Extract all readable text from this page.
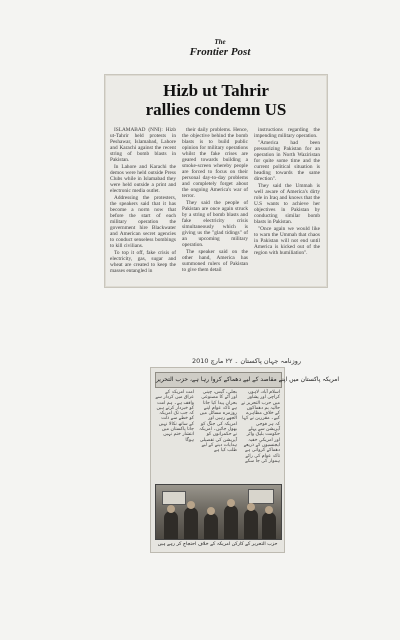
The
Frontier Post
Hizb ut Tahrir
rallies condemn US

ISLAMABAD (NNI): Hizb ut-Tahrir held protests in Peshawar, Islamabad, Lahore and Karachi against the recent string of bomb blasts in Pakistan.

In Lahore and Karachi the demos were held outside Press Clubs while in Islamabad they were held outside a print and electronic media outlet.

Addressing the protesters, the speakers said that it has become a norm now that before the start of each military operation the government hire Blackwater and American secret agencies to conduct senseless bombings to kill civilians.

To top it off, fake crisis of electricity, gas, sugar and wheat are created to keep the masses entangled in

their daily problems. Hence, the objective behind the bomb blasts is to build public opinion for military operations whilst the fake crises are geared towards building a smoke-screen whereby people are forced to focus on their personal day-to-day problems and completely forget about the ongoing America's war of terror.

They said the people of Pakistan are once again struck by a string of bomb blasts and fake electricity crisis simultaneously which is giving us the "glad tidings" of an upcoming military operation.

The speaker said on the other hand, America has summoned rulers of Pakistan to give them detail

instructions regarding the impending military operation.

"America had been pressurizing Pakistan for an operation in North Waziristan for quite some time and the current political situation is heading towards the same direction".

They said the Ummah is well aware of America's dirty role in Iraq and knows that the U.S wants to achieve her objectives in Pakistan by conducting similar bomb blasts in Pakistan.

"Once again we would like to warn the Ummah that chaos in Pakistan will not end until America is kicked out of the region with humiliation".

روزنامہ جہان پاکستان ۔ ۲۲ مارچ 2010
امریکہ پاکستان میں اپنے مقاصد کے لیے دھماکے کروا رہا ہے، حزب التحریر
اسلام آباد، لاہور، کراچی اور پشاور میں حزب التحریر نے حالیہ بم دھماکوں کے خلاف مظاہرے کیے۔ مقررین نے کہا کہ ہر فوجی آپریشن سے پہلے حکومت بلیک واٹر اور امریکی خفیہ ایجنسیوں کے ذریعے دھماکے کرواتی ہے تاکہ عوام کی رائے ہموار کی جا سکے
بجلی، گیس، چینی اور آٹے کا مصنوعی بحران پیدا کیا جاتا ہے تاکہ عوام اپنے روزمرہ مسائل میں الجھے رہیں اور امریکہ کی جنگ کو بھول جائیں۔ امریکہ نے حکمرانوں کو آپریشن کی تفصیلی ہدایات دینے کے لیے طلب کیا ہے
امت امریکہ کے عراق میں کردار سے واقف ہے۔ ہم امت کو خبردار کرتے ہیں کہ جب تک امریکہ کو خطے سے ذلت کے ساتھ نکالا نہیں جاتا پاکستان میں انتشار ختم نہیں ہوگا
حزب التحریر کے کارکن امریکہ کے خلاف احتجاج کر رہے ہیں
